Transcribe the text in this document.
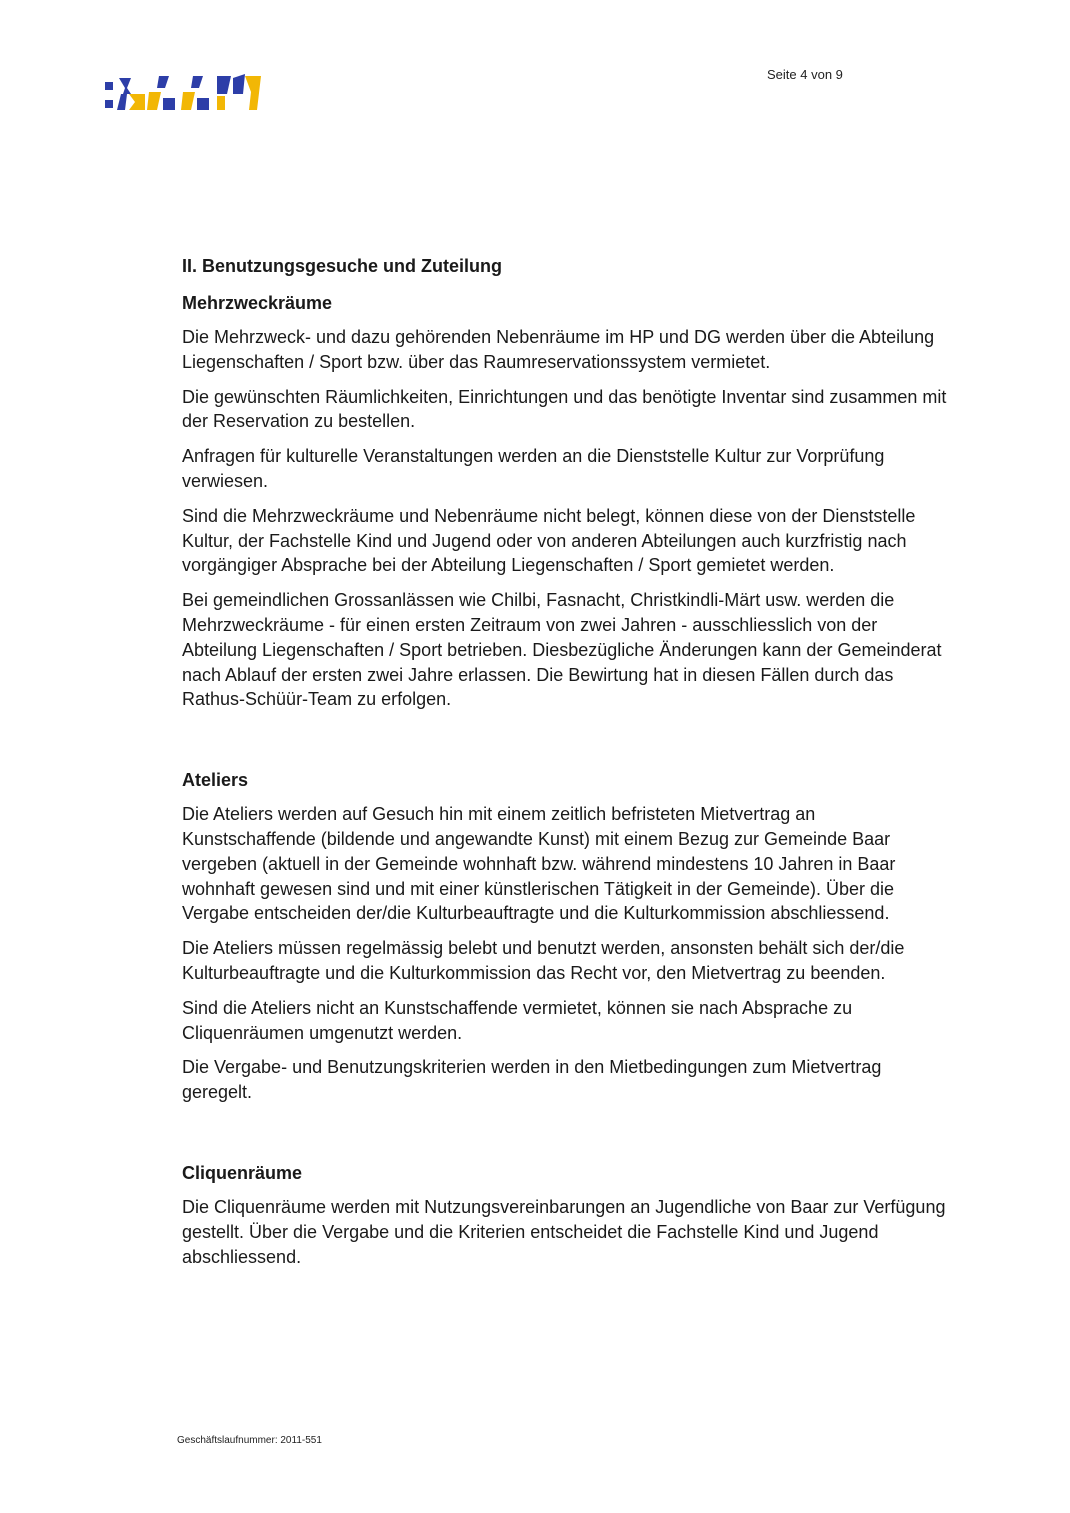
Seite 4 von 9
II. Benutzungsgesuche und Zuteilung
Mehrzweckräume

Die Mehrzweck- und dazu gehörenden Nebenräume im HP und DG werden über die Abteilung Liegenschaften / Sport bzw. über das Raumreservationssystem vermietet.

Die gewünschten Räumlichkeiten, Einrichtungen und das benötigte Inventar sind zusammen mit der Reservation zu bestellen.

Anfragen für kulturelle Veranstaltungen werden an die Dienststelle Kultur zur Vorprüfung verwiesen.

Sind die Mehrzweckräume und Nebenräume nicht belegt, können diese von der Dienststelle Kultur, der Fachstelle Kind und Jugend oder von anderen Abteilungen auch kurzfristig nach vorgängiger Absprache bei der Abteilung Liegenschaften / Sport gemietet werden.

Bei gemeindlichen Grossanlässen wie Chilbi, Fasnacht, Christkindli-Märt usw. werden die Mehrzweckräume - für einen ersten Zeitraum von zwei Jahren - ausschliesslich von der Abteilung Liegenschaften / Sport betrieben. Diesbezügliche Änderungen kann der Gemeinderat nach Ablauf der ersten zwei Jahre erlassen. Die Bewirtung hat in diesen Fällen durch das Rathus-Schüür-Team zu erfolgen.

Ateliers

Die Ateliers werden auf Gesuch hin mit einem zeitlich befristeten Mietvertrag an Kunstschaffende (bildende und angewandte Kunst) mit einem Bezug zur Gemeinde Baar vergeben (aktuell in der Gemeinde wohnhaft bzw. während mindestens 10 Jahren in Baar wohnhaft gewesen sind und mit einer künstlerischen Tätigkeit in der Gemeinde). Über die Vergabe entscheiden der/die Kulturbeauftragte und die Kulturkommission abschliessend.

Die Ateliers müssen regelmässig belebt und benutzt werden, ansonsten behält sich der/die Kulturbeauftragte und die Kulturkommission das Recht vor, den Mietvertrag zu beenden.

Sind die Ateliers nicht an Kunstschaffende vermietet, können sie nach Absprache zu Cliquenräumen umgenutzt werden.

Die Vergabe- und Benutzungskriterien werden in den Mietbedingungen zum Mietvertrag geregelt.

Cliquenräume

Die Cliquenräume werden mit Nutzungsvereinbarungen an Jugendliche von Baar zur Verfügung gestellt. Über die Vergabe und die Kriterien entscheidet die Fachstelle Kind und Jugend abschliessend.

Geschäftslaufnummer: 2011-551
